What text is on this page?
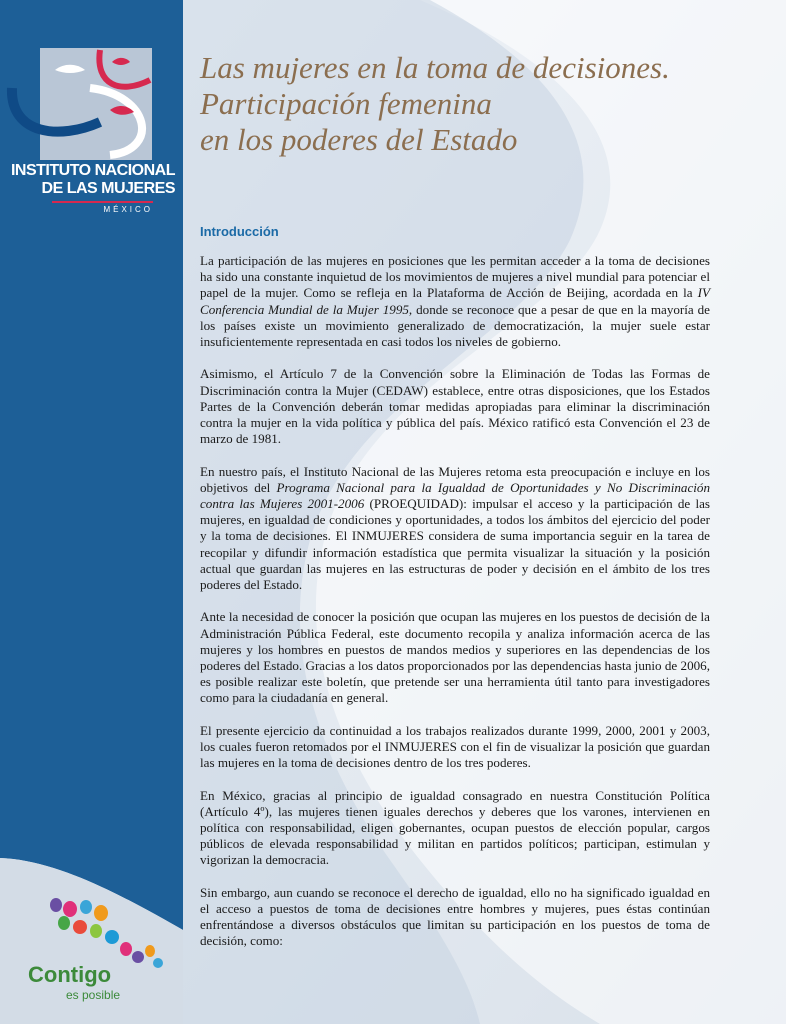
INSTITUTO NACIONAL
DE LAS MUJERES
MÉXICO
Contigo
es posible
Las mujeres en la toma de decisiones.
Participación femenina
en los poderes del Estado
Introducción

La participación de las mujeres en posiciones que les permitan acceder a la toma de decisiones ha sido una constante inquietud de los movimientos de mujeres a nivel mundial para potenciar el papel de la mujer. Como se refleja en la Plataforma de Acción de Beijing, acordada en la IV Conferencia Mundial de la Mujer 1995, donde se reconoce que a pesar de que en la mayoría de los países existe un movimiento generalizado de democratización, la mujer suele estar insuficientemente representada en casi todos los niveles de gobierno.

Asimismo, el Artículo 7 de la Convención sobre la Eliminación de Todas las Formas de Discriminación contra la Mujer (CEDAW) establece, entre otras disposiciones, que los Estados Partes de la Convención deberán tomar medidas apropiadas para eliminar la discriminación contra la mujer en la vida política y pública del país. México ratificó esta Convención el 23 de marzo de 1981.

En nuestro país, el Instituto Nacional de las Mujeres retoma esta preocupación e incluye en los objetivos del Programa Nacional para la Igualdad de Oportunidades y No Discriminación contra las Mujeres 2001-2006 (PROEQUIDAD): impulsar el acceso y la participación de las mujeres, en igualdad de condiciones y oportunidades, a todos los ámbitos del ejercicio del poder y la toma de decisiones. El INMUJERES considera de suma importancia seguir en la tarea de recopilar y difundir información estadística que permita visualizar la situación y la posición actual que guardan las mujeres en las estructuras de poder y decisión en el ámbito de los tres poderes del Estado.

Ante la necesidad de conocer la posición que ocupan las mujeres en los puestos de decisión de la Administración Pública Federal, este documento recopila y analiza información acerca de las mujeres y los hombres en puestos de mandos medios y superiores en las dependencias de los poderes del Estado. Gracias a los datos proporcionados por las dependencias hasta junio de 2006, es posible realizar este boletín, que pretende ser una herramienta útil tanto para investigadores como para la ciudadanía en general.

El presente ejercicio da continuidad a los trabajos realizados durante 1999, 2000, 2001 y 2003, los cuales fueron retomados por el INMUJERES con el fin de visualizar la posición que guardan las mujeres en la toma de decisiones dentro de los tres poderes.

En México, gracias al principio de igualdad consagrado en nuestra Constitución Política (Artículo 4º), las mujeres tienen iguales derechos y deberes que los varones, intervienen en política con responsabilidad, eligen gobernantes, ocupan puestos de elección popular, cargos públicos de elevada responsabilidad y militan en partidos políticos; participan, estimulan y vigorizan la democracia.

Sin embargo, aun cuando se reconoce el derecho de igualdad, ello no ha significado igualdad en el acceso a puestos de toma de decisiones entre hombres y mujeres, pues éstas continúan enfrentándose a diversos obstáculos que limitan su participación en los puestos de toma de decisión, como:
